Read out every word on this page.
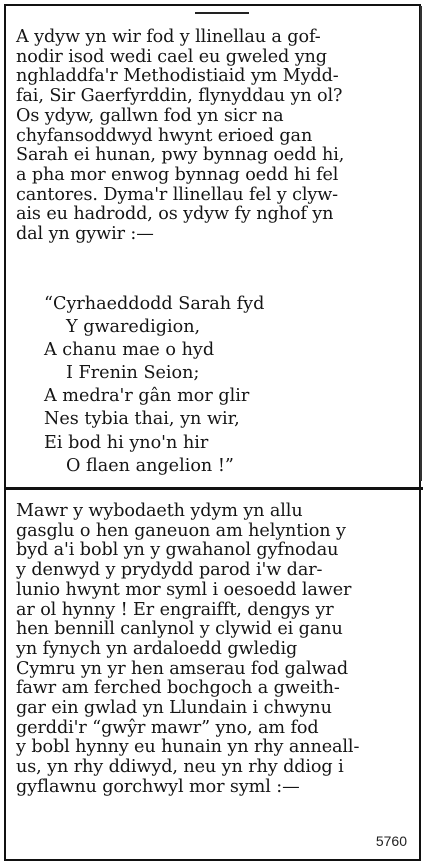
A ydyw yn wir fod y llinellau a gof-
nodir isod wedi cael eu gweled yng
nghladdfa'r Methodistiaid ym Mydd-
fai, Sir Gaerfyrddin, flynyddau yn ol?
Os ydyw, gallwn fod yn sicr na
chyfansoddwyd hwynt erioed gan
Sarah ei hunan, pwy bynnag oedd hi,
a pha mor enwog bynnag oedd hi fel
cantores. Dyma'r llinellau fel y clyw-
ais eu hadrodd, os ydyw fy nghof yn
dal yn gywir :—

“Cyrhaeddodd Sarah fyd
Y gwaredigion,
A chanu mae o hyd
I Frenin Seion;
A medra'r gân mor glir
Nes tybia thai, yn wir,
Ei bod hi yno'n hir
O flaen angelion !”

Mawr y wybodaeth ydym yn allu
gasglu o hen ganeuon am helyntion y
byd a'i bobl yn y gwahanol gyfnodau
y denwyd y prydydd parod i'w dar-
lunio hwynt mor syml i oesoedd lawer
ar ol hynny ! Er engraifft, dengys yr
hen bennill canlynol y clywid ei ganu
yn fynych yn ardaloedd gwledig
Cymru yn yr hen amserau fod galwad
fawr am ferched bochgoch a gweith-
gar ein gwlad yn Llundain i chwynu
gerddi'r “gwŷr mawr” yno, am fod
y bobl hynny eu hunain yn rhy anneall-
us, yn rhy ddiwyd, neu yn rhy ddiog i
gyflawnu gorchwyl mor syml :—

5760
